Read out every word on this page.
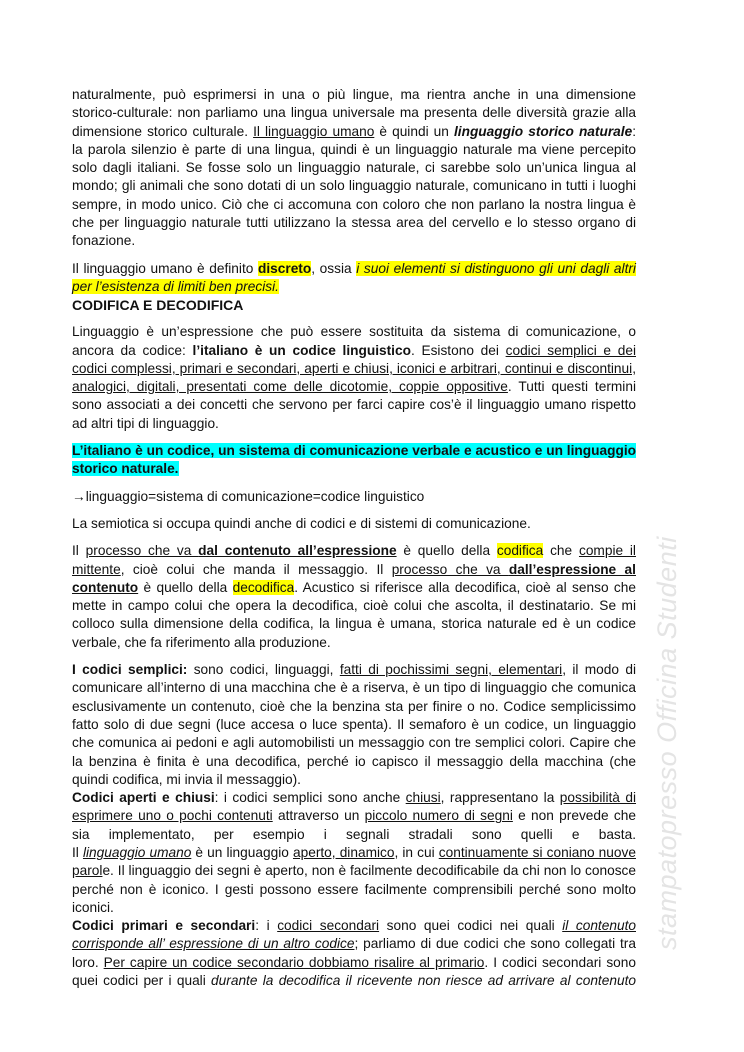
stampatopresso Officina Studenti

naturalmente, può esprimersi in una o più lingue, ma rientra anche in una dimensione storico-culturale: non parliamo una lingua universale ma presenta delle diversità grazie alla dimensione storico culturale. Il linguaggio umano è quindi un linguaggio storico naturale: la parola silenzio è parte di una lingua, quindi è un linguaggio naturale ma viene percepito solo dagli italiani. Se fosse solo un linguaggio naturale, ci sarebbe solo un’unica lingua al mondo; gli animali che sono dotati di un solo linguaggio naturale, comunicano in tutti i luoghi sempre, in modo unico. Ciò che ci accomuna con coloro che non parlano la nostra lingua è che per linguaggio naturale tutti utilizzano la stessa area del cervello e lo stesso organo di fonazione.

Il linguaggio umano è definito discreto, ossia i suoi elementi si distinguono gli uni dagli altri per l’esistenza di limiti ben precisi.

CODIFICA E DECODIFICA

Linguaggio è un’espressione che può essere sostituita da sistema di comunicazione, o ancora da codice: l’italiano è un codice linguistico. Esistono dei codici semplici e dei codici complessi, primari e secondari, aperti e chiusi, iconici e arbitrari, continui e discontinui, analogici, digitali, presentati come delle dicotomie, coppie oppositive. Tutti questi termini sono associati a dei concetti che servono per farci capire cos’è il linguaggio umano rispetto ad altri tipi di linguaggio.

L’italiano è un codice, un sistema di comunicazione verbale e acustico e un linguaggio storico naturale.

→linguaggio=sistema di comunicazione=codice linguistico

La semiotica si occupa quindi anche di codici e di sistemi di comunicazione.

Il processo che va dal contenuto all’espressione è quello della codifica che compie il mittente, cioè colui che manda il messaggio. Il processo che va dall’espressione al contenuto è quello della decodifica. Acustico si riferisce alla decodifica, cioè al senso che mette in campo colui che opera la decodifica, cioè colui che ascolta, il destinatario. Se mi colloco sulla dimensione della codifica, la lingua è umana, storica naturale ed è un codice verbale, che fa riferimento alla produzione.

I codici semplici: sono codici, linguaggi, fatti di pochissimi segni, elementari, il modo di comunicare all’interno di una macchina che è a riserva, è un tipo di linguaggio che comunica esclusivamente un contenuto, cioè che la benzina sta per finire o no. Codice semplicissimo fatto solo di due segni (luce accesa o luce spenta). Il semaforo è un codice, un linguaggio che comunica ai pedoni e agli automobilisti un messaggio con tre semplici colori. Capire che la benzina è finita è una decodifica, perché io capisco il messaggio della macchina (che quindi codifica, mi invia il messaggio).

Codici aperti e chiusi: i codici semplici sono anche chiusi, rappresentano la possibilità di esprimere uno o pochi contenuti attraverso un piccolo numero di segni e non prevede che sia implementato, per esempio i segnali stradali sono quelli e basta.

Il linguaggio umano è un linguaggio aperto, dinamico, in cui continuamente si coniano nuove parole. Il linguaggio dei segni è aperto, non è facilmente decodificabile da chi non lo conosce perché non è iconico. I gesti possono essere facilmente comprensibili perché sono molto iconici.

Codici primari e secondari: i codici secondari sono quei codici nei quali il contenuto corrisponde all’ espressione di un altro codice; parliamo di due codici che sono collegati tra loro. Per capire un codice secondario dobbiamo risalire al primario. I codici secondari sono quei codici per i quali durante la decodifica il ricevente non riesce ad arrivare al contenuto
